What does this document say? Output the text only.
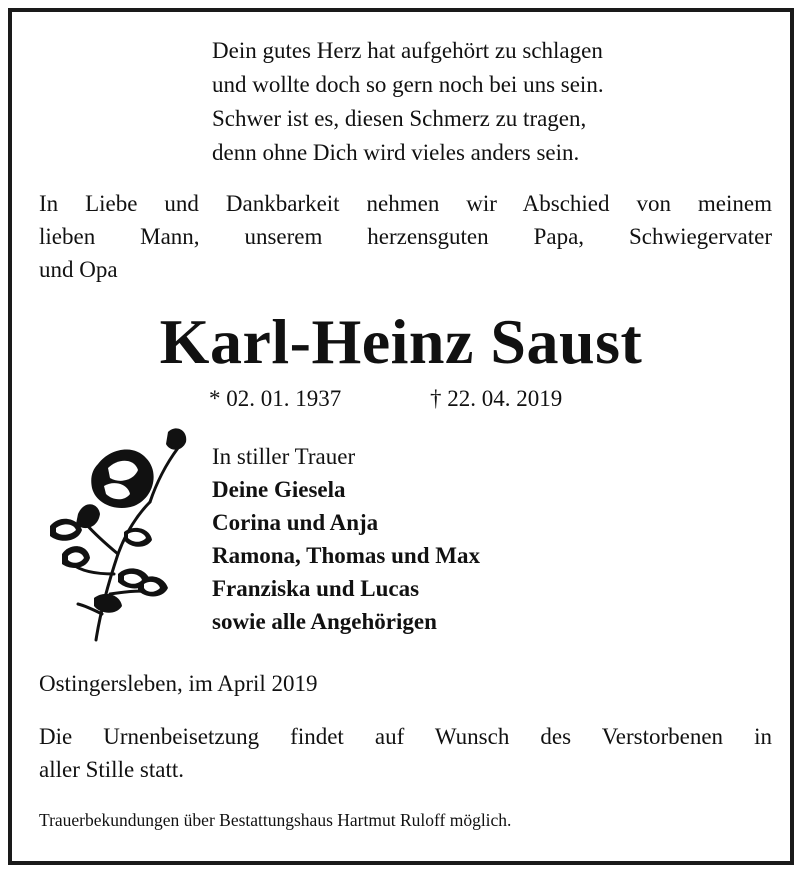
Dein gutes Herz hat aufgehört zu schlagen
und wollte doch so gern noch bei uns sein.
Schwer ist es, diesen Schmerz zu tragen,
denn ohne Dich wird vieles anders sein.
In Liebe und Dankbarkeit nehmen wir Abschied von meinem
lieben Mann, unserem herzensguten Papa, Schwiegervater
und Opa
Karl-Heinz Saust
* 02. 01. 1937	† 22. 04. 2019
In stiller Trauer
Deine Giesela
Corina und Anja
Ramona, Thomas und Max
Franziska und Lucas
sowie alle Angehörigen
Ostingersleben, im April 2019
Die Urnenbeisetzung findet auf Wunsch des Verstorbenen in
aller Stille statt.
Trauerbekundungen über Bestattungshaus Hartmut Ruloff möglich.
